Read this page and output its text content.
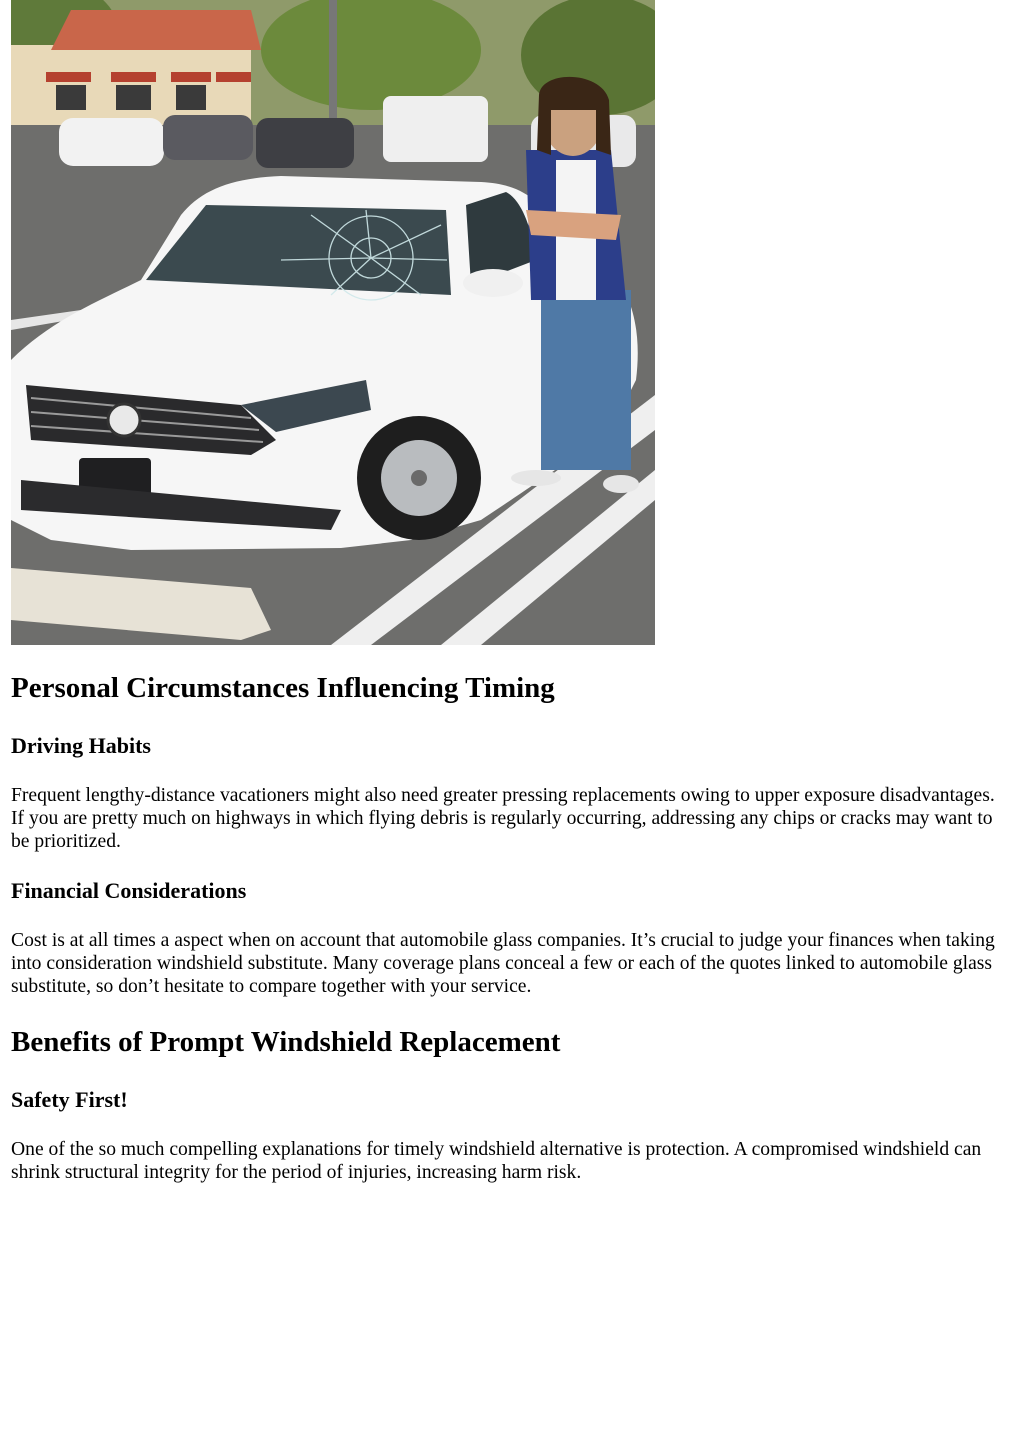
Personal Circumstances Influencing Timing
Driving Habits

Frequent lengthy-distance vacationers might also need greater pressing replacements owing to upper exposure disadvantages. If you are pretty much on highways in which flying debris is regularly occurring, addressing any chips or cracks may want to be prioritized.

Financial Considerations

Cost is at all times a aspect when on account that automobile glass companies. It’s crucial to judge your finances when taking into consideration windshield substitute. Many coverage plans conceal a few or each of the quotes linked to automobile glass substitute, so don’t hesitate to compare together with your service.

Benefits of Prompt Windshield Replacement
Safety First!

One of the so much compelling explanations for timely windshield alternative is protection. A compromised windshield can shrink structural integrity for the period of injuries, increasing harm risk.
